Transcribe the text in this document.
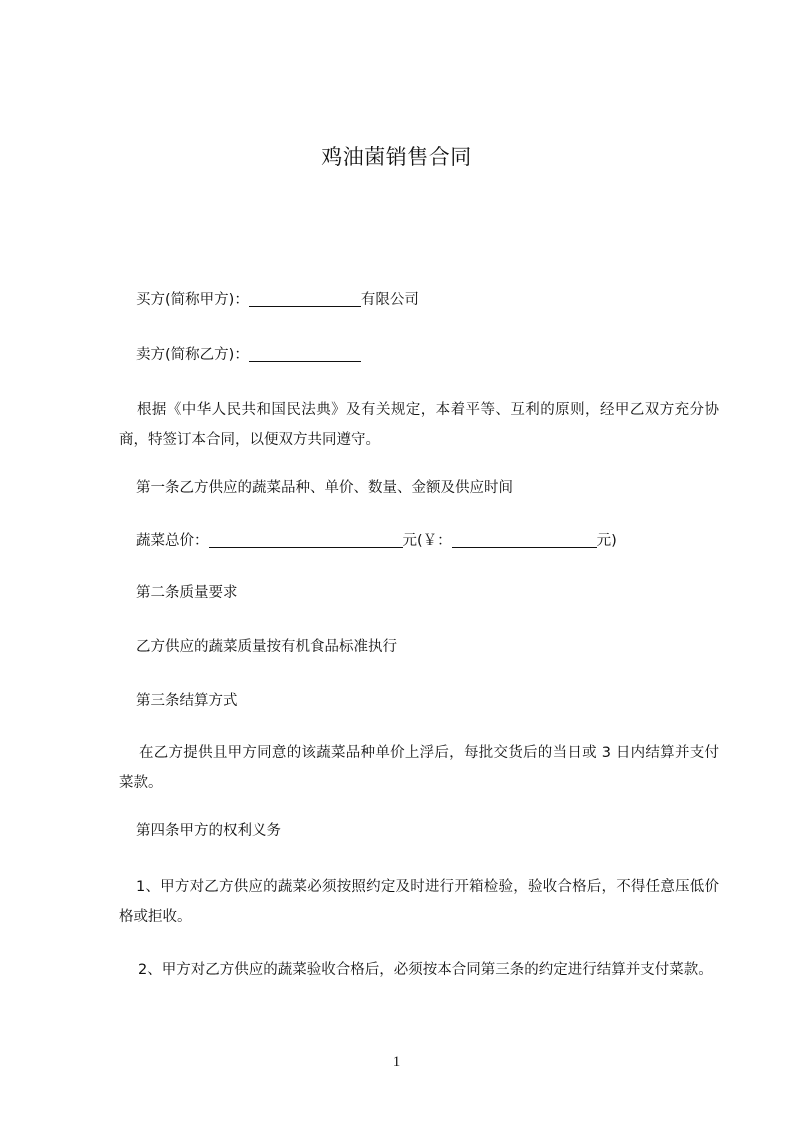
鸡油菌销售合同
买方(简称甲方)：	有限公司
卖方(简称乙方)：
根据《中华人民共和国民法典》及有关规定，本着平等、互利的原则，经甲乙双方充分协商，特签订本合同，以便双方共同遵守。
第一条乙方供应的蔬菜品种、单价、数量、金额及供应时间
蔬菜总价：	元(￥：	元)
第二条质量要求
乙方供应的蔬菜质量按有机食品标准执行
第三条结算方式
在乙方提供且甲方同意的该蔬菜品种单价上浮后，每批交货后的当日或 3 日内结算并支付菜款。
第四条甲方的权利义务
1、甲方对乙方供应的蔬菜必须按照约定及时进行开箱检验，验收合格后，不得任意压低价格或拒收。
2、甲方对乙方供应的蔬菜验收合格后，必须按本合同第三条的约定进行结算并支付菜款。
1
